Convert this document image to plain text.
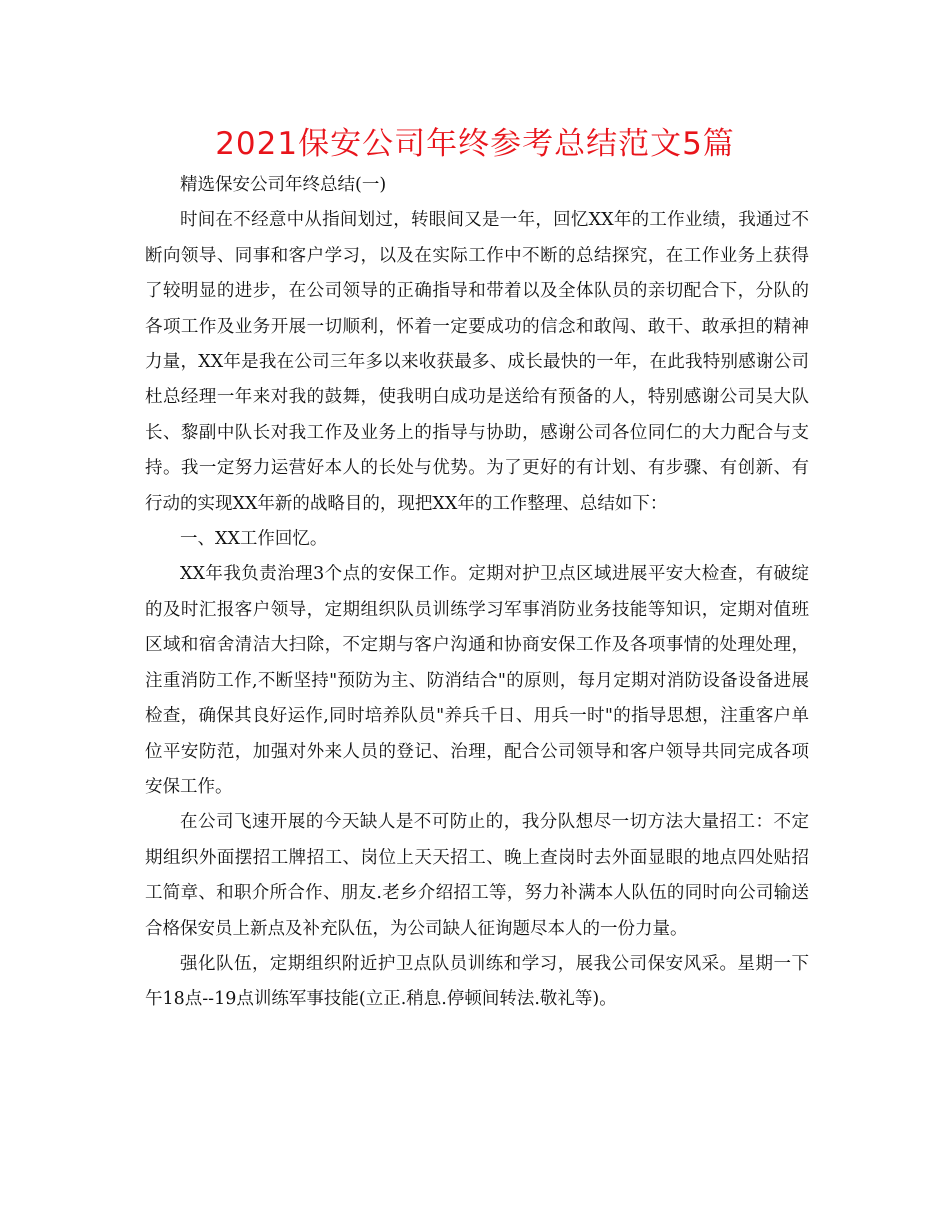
2021保安公司年终参考总结范文5篇

精选保安公司年终总结(一)

时间在不经意中从指间划过，转眼间又是一年，回忆XX年的工作业绩，我通过不断向领导、同事和客户学习，以及在实际工作中不断的总结探究，在工作业务上获得了较明显的进步，在公司领导的正确指导和带着以及全体队员的亲切配合下，分队的各项工作及业务开展一切顺利，怀着一定要成功的信念和敢闯、敢干、敢承担的精神力量，XX年是我在公司三年多以来收获最多、成长最快的一年，在此我特别感谢公司杜总经理一年来对我的鼓舞，使我明白成功是送给有预备的人，特别感谢公司吴大队长、黎副中队长对我工作及业务上的指导与协助，感谢公司各位同仁的大力配合与支持。我一定努力运营好本人的长处与优势。为了更好的有计划、有步骤、有创新、有行动的实现XX年新的战略目的，现把XX年的工作整理、总结如下：

一、XX工作回忆。

XX年我负责治理3个点的安保工作。定期对护卫点区域进展平安大检查，有破绽的及时汇报客户领导，定期组织队员训练学习军事消防业务技能等知识，定期对值班区域和宿舍清洁大扫除，不定期与客户沟通和协商安保工作及各项事情的处理处理，注重消防工作,不断坚持"预防为主、防消结合"的原则，每月定期对消防设备设备进展检查，确保其良好运作,同时培养队员"养兵千日、用兵一时"的指导思想，注重客户单位平安防范，加强对外来人员的登记、治理，配合公司领导和客户领导共同完成各项安保工作。

在公司飞速开展的今天缺人是不可防止的，我分队想尽一切方法大量招工：不定期组织外面摆招工牌招工、岗位上天天招工、晚上查岗时去外面显眼的地点四处贴招工简章、和职介所合作、朋友.老乡介绍招工等，努力补满本人队伍的同时向公司输送合格保安员上新点及补充队伍，为公司缺人征询题尽本人的一份力量。

强化队伍，定期组织附近护卫点队员训练和学习，展我公司保安风采。星期一下午18点--19点训练军事技能(立正.稍息.停顿间转法.敬礼等)。
